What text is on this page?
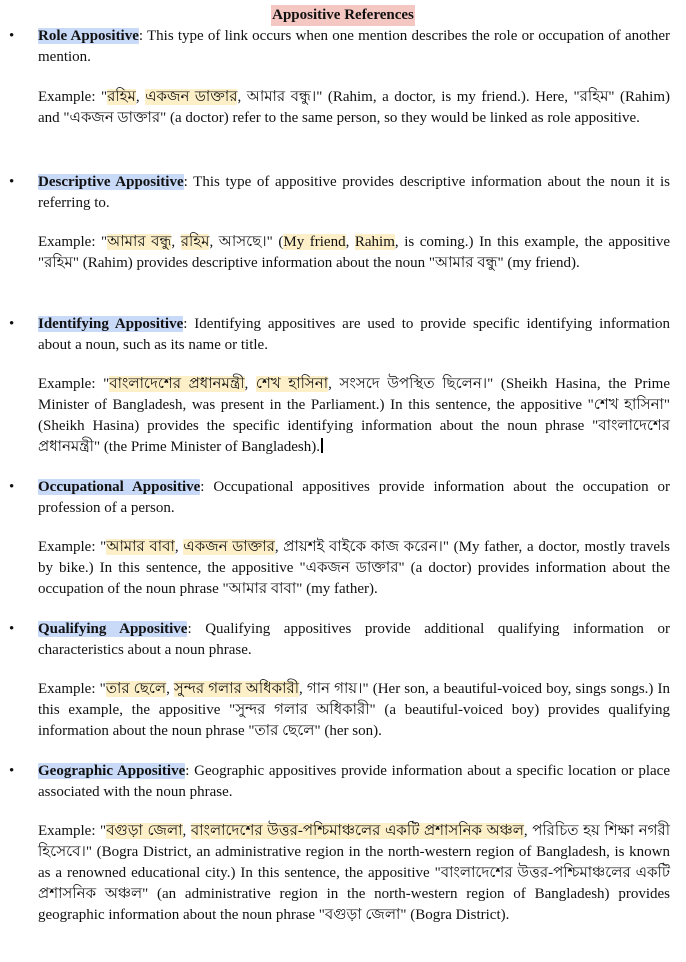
Appositive References
• Role Appositive: This type of link occurs when one mention describes the role or occupation of another mention.

Example: "রহিম, একজন ডাক্তার, আমার বন্ধু।" (Rahim, a doctor, is my friend.). Here, "রহিম" (Rahim) and "একজন ডাক্তার" (a doctor) refer to the same person, so they would be linked as role appositive.

• Descriptive Appositive: This type of appositive provides descriptive information about the noun it is referring to.

Example: "আমার বন্ধু, রহিম, আসছে।" (My friend, Rahim, is coming.) In this example, the appositive "রহিম" (Rahim) provides descriptive information about the noun "আমার বন্ধু" (my friend).

• Identifying Appositive: Identifying appositives are used to provide specific identifying information about a noun, such as its name or title.

Example: "বাংলাদেশের প্রধানমন্ত্রী, শেখ হাসিনা, সংসদে উপস্থিত ছিলেন।" (Sheikh Hasina, the Prime Minister of Bangladesh, was present in the Parliament.) In this sentence, the appositive "শেখ হাসিনা" (Sheikh Hasina) provides the specific identifying information about the noun phrase "বাংলাদেশের প্রধানমন্ত্রী" (the Prime Minister of Bangladesh).

• Occupational Appositive: Occupational appositives provide information about the occupation or profession of a person.

Example: "আমার বাবা, একজন ডাক্তার, প্রায়শই বাইকে কাজ করেন।" (My father, a doctor, mostly travels by bike.) In this sentence, the appositive "একজন ডাক্তার" (a doctor) provides information about the occupation of the noun phrase "আমার বাবা" (my father).

• Qualifying Appositive: Qualifying appositives provide additional qualifying information or characteristics about a noun phrase.

Example: "তার ছেলে, সুন্দর গলার অধিকারী, গান গায়।" (Her son, a beautiful-voiced boy, sings songs.) In this example, the appositive "সুন্দর গলার অধিকারী" (a beautiful-voiced boy) provides qualifying information about the noun phrase "তার ছেলে" (her son).

• Geographic Appositive: Geographic appositives provide information about a specific location or place associated with the noun phrase.

Example: "বগুড়া জেলা, বাংলাদেশের উত্তর-পশ্চিমাঞ্চলের একটি প্রশাসনিক অঞ্চল, পরিচিত হয় শিক্ষা নগরী হিসেবে।" (Bogra District, an administrative region in the north-western region of Bangladesh, is known as a renowned educational city.) In this sentence, the appositive "বাংলাদেশের উত্তর-পশ্চিমাঞ্চলের একটি প্রশাসনিক অঞ্চল" (an administrative region in the north-western region of Bangladesh) provides geographic information about the noun phrase "বগুড়া জেলা" (Bogra District).
